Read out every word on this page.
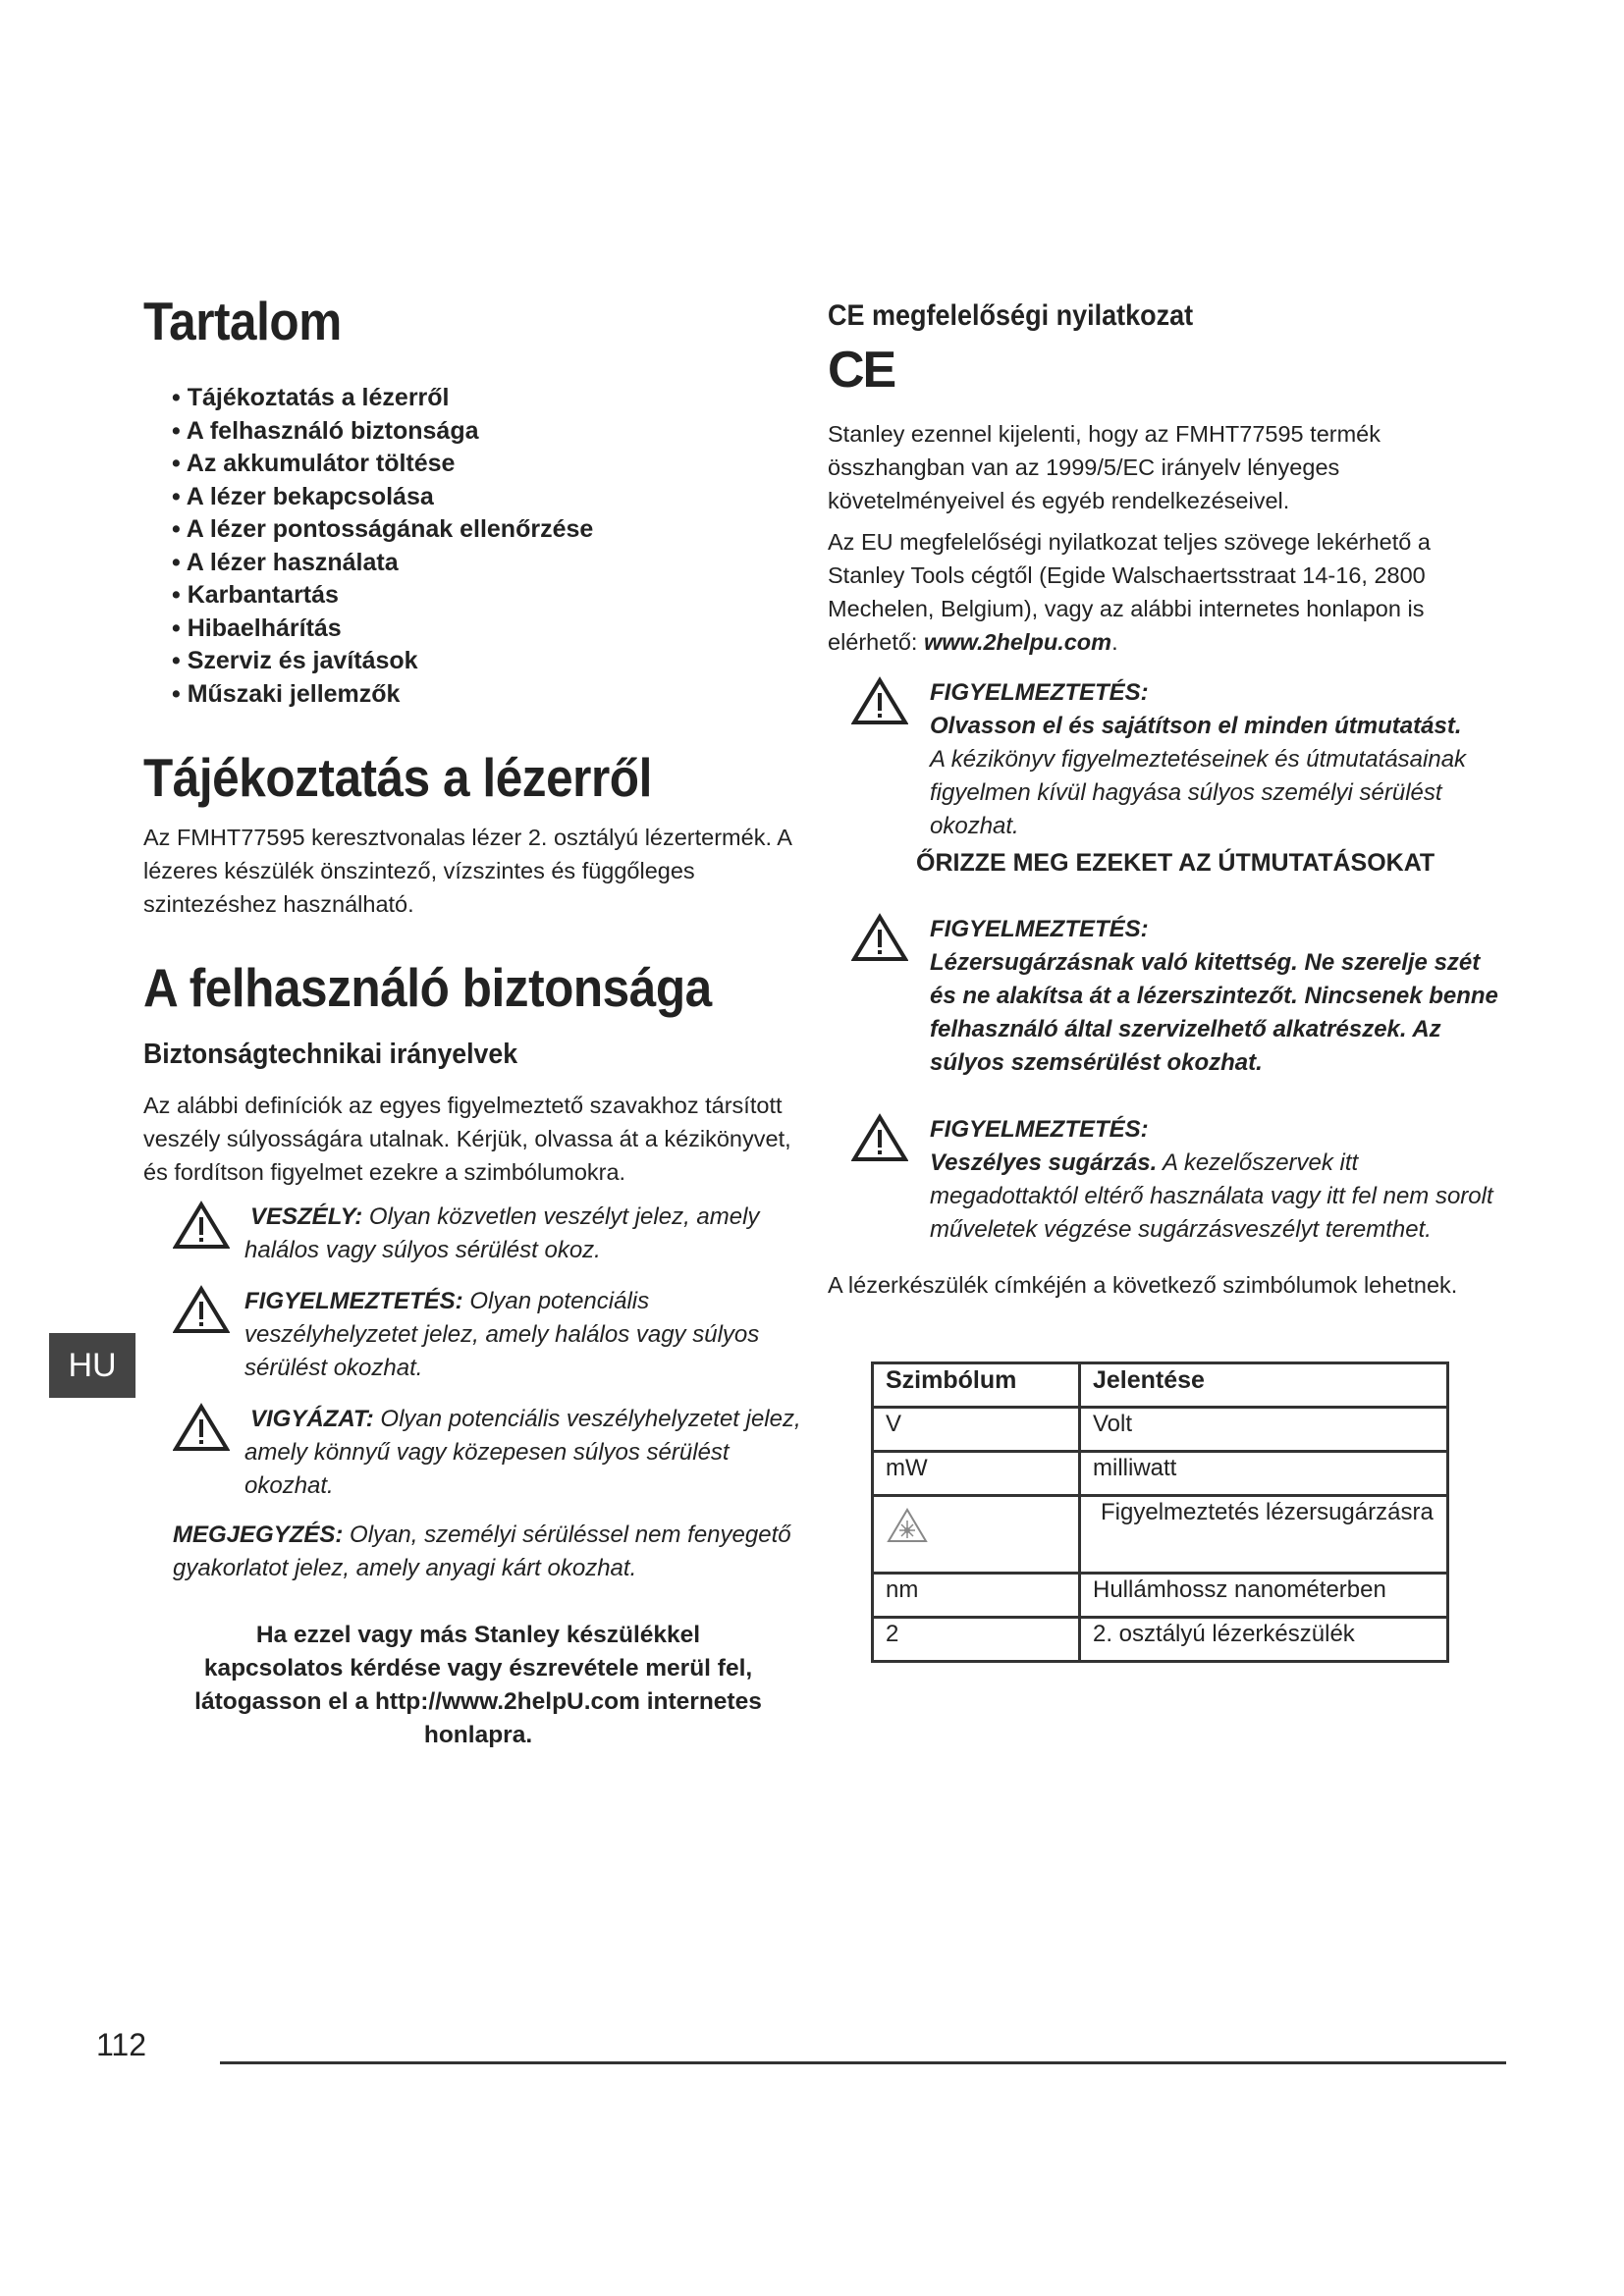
Tartalom
• Tájékoztatás a lézerről
• A felhasználó biztonsága
• Az akkumulátor töltése
• A lézer bekapcsolása
• A lézer pontosságának ellenőrzése
• A lézer használata
• Karbantartás
• Hibaelhárítás
• Szerviz és javítások
• Műszaki jellemzők
Tájékoztatás a lézerről

Az FMHT77595 keresztvonalas lézer 2. osztályú lézertermék. A lézeres készülék önszintező, vízszintes és függőleges szintezéshez használható.

A felhasználó biztonsága
Biztonságtechnikai irányelvek

Az alábbi definíciók az egyes figyelmeztető szavakhoz társított veszély súlyosságára utalnak. Kérjük, olvassa át a kézikönyvet, és fordítson figyelmet ezekre a szimbólumokra.

VESZÉLY: Olyan közvetlen veszélyt jelez, amely halálos vagy súlyos sérülést okoz.
FIGYELMEZTETÉS: Olyan potenciális veszélyhelyzetet jelez, amely halálos vagy súlyos sérülést okozhat.
VIGYÁZAT: Olyan potenciális veszélyhelyzetet jelez, amely könnyű vagy közepesen súlyos sérülést okozhat.
MEGJEGYZÉS: Olyan, személyi sérüléssel nem fenyegető gyakorlatot jelez, amely anyagi kárt okozhat.

Ha ezzel vagy más Stanley készülékkel kapcsolatos kérdése vagy észrevétele merül fel, látogasson el a http://www.2helpU.com internetes honlapra.

CE megfelelőségi nyilatkozat
CE

Stanley ezennel kijelenti, hogy az FMHT77595 termék összhangban van az 1999/5/EC irányelv lényeges követelményeivel és egyéb rendelkezéseivel.

Az EU megfelelőségi nyilatkozat teljes szövege lekérhető a Stanley Tools cégtől (Egide Walschaertsstraat 14-16, 2800 Mechelen, Belgium), vagy az alábbi internetes honlapon is elérhető: www.2helpu.com.

FIGYELMEZTETÉS:
Olvasson el és sajátítson el minden útmutatást.
A kézikönyv figyelmeztetéseinek és útmutatásainak figyelmen kívül hagyása súlyos személyi sérülést okozhat.
ŐRIZZE MEG EZEKET AZ ÚTMUTATÁSOKAT
FIGYELMEZTETÉS:
Lézersugárzásnak való kitettség. Ne szerelje szét és ne alakítsa át a lézerszintezőt. Nincsenek benne felhasználó által szervizelhető alkatrészek. Az súlyos szemsérülést okozhat.
FIGYELMEZTETÉS:
Veszélyes sugárzás. A kezelőszervek itt megadottaktól eltérő használata vagy itt fel nem sorolt műveletek végzése sugárzásveszélyt teremthet.

A lézerkészülék címkéjén a következő szimbólumok lehetnek.

Szimbólum	Jelentése
V	Volt
mW	milliwatt
	Figyelmeztetés lézersugárzásra
nm	Hullámhossz nanométerben
2	2. osztályú lézerkészülék
HU
112
